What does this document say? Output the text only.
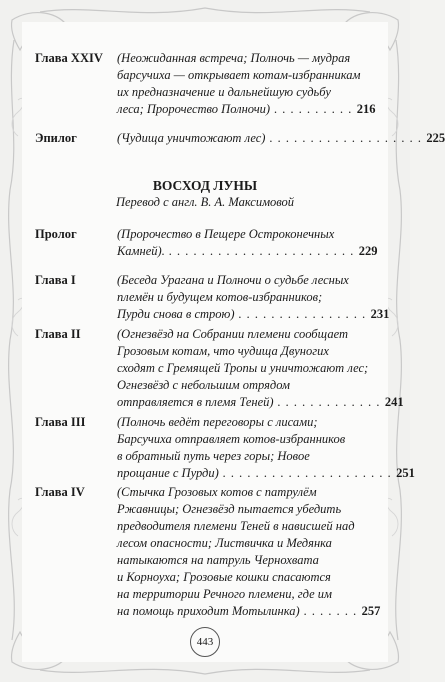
Глава XXIV	(Неожиданная встреча; Полночь — мудрая
барсучиха — открывает котам-избранникам
их предназначение и дальнейшую судьбу
леса; Пророчество Полночи) . . . . . . . . . . 216
Эпилог	(Чудища уничтожают лес) . . . . . . . . . . . . . . . . . . . 225
ВОСХОД ЛУНЫ
Перевод с англ. В. А. Максимовой
Пролог	(Пророчество в Пещере Остроконечных
Камней). . . . . . . . . . . . . . . . . . . . . . . . 229
Глава I	(Беседа Урагана и Полночи о судьбе лесных
племён и будущем котов-избранников;
Пурди снова в строю) . . . . . . . . . . . . . . . . 231
Глава II	(Огнезвёзд на Собрании племени сообщает
Грозовым котам, что чудища Двуногих
сходят с Гремящей Тропы и уничтожают лес;
Огнезвёзд с небольшим отрядом
отправляется в племя Теней) . . . . . . . . . . . . . 241
Глава III	(Полночь ведёт переговоры с лисами;
Барсучиха отправляет котов-избранников
в обратный путь через горы; Новое
прощание с Пурди) . . . . . . . . . . . . . . . . . . . . . 251
Глава IV	(Стычка Грозовых котов с патрулём
Ржавницы; Огнезвёзд пытается убедить
предводителя племени Теней в нависшей над
лесом опасности; Листвичка и Медянка
натыкаются на патруль Чернохвата
и Корноуха; Грозовые кошки спасаются
на территории Речного племени, где им
на помощь приходит Мотылинка) . . . . . . . 257
443
